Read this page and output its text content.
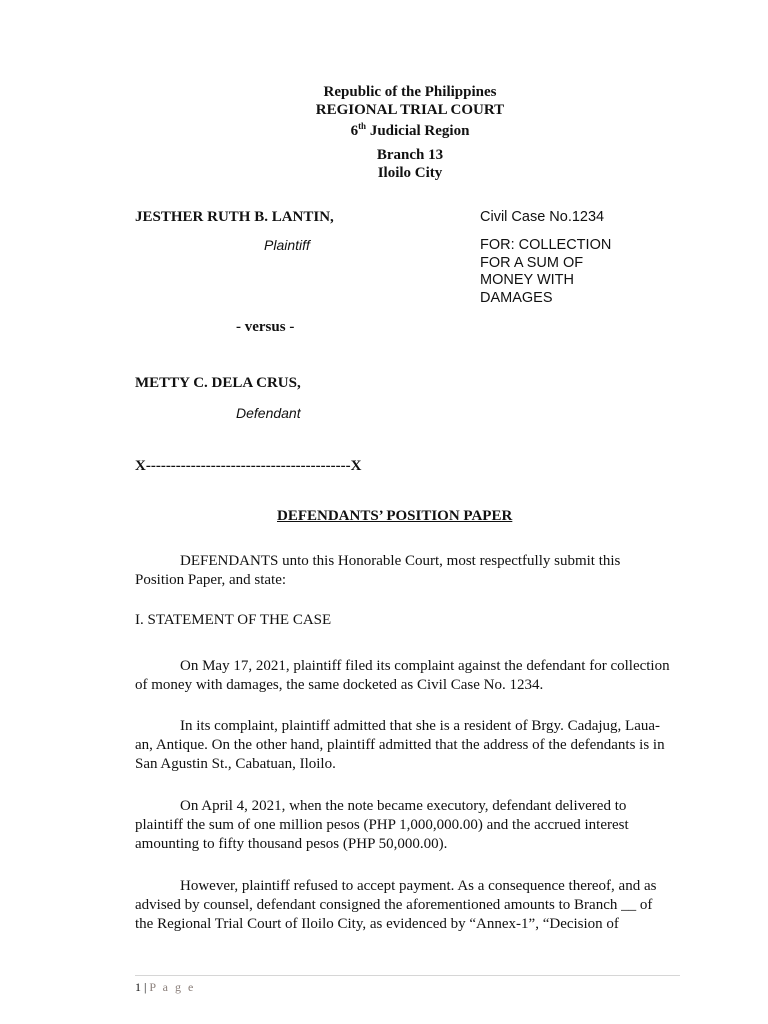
Republic of the Philippines
REGIONAL TRIAL COURT
6th Judicial Region
Branch 13
Iloilo City
JESTHER RUTH B. LANTIN,
Plaintiff
Civil Case No.1234
FOR: COLLECTION
FOR A SUM OF
MONEY WITH
DAMAGES
- versus -
METTY C. DELA CRUS,
Defendant
X-----------------------------------------X
DEFENDANTS’ POSITION PAPER

DEFENDANTS unto this Honorable Court, most respectfully submit this

Position Paper, and state:

I. STATEMENT OF THE CASE

On May 17, 2021, plaintiff filed its complaint against the defendant for collection

of money with damages, the same docketed as Civil Case No. 1234.

In its complaint, plaintiff admitted that she is a resident of Brgy. Cadajug, Laua-

an, Antique. On the other hand, plaintiff admitted that the address of the defendants is in

San Agustin St., Cabatuan, Iloilo.

On April 4, 2021, when the note became executory, defendant delivered to

plaintiff the sum of one million pesos (PHP 1,000,000.00) and the accrued interest

amounting to fifty thousand pesos (PHP 50,000.00).

However, plaintiff refused to accept payment. As a consequence thereof, and as

advised by counsel, defendant consigned the aforementioned amounts to Branch __ of

the Regional Trial Court of Iloilo City, as evidenced by “Annex-1”, “Decision of

1 | P a g e
